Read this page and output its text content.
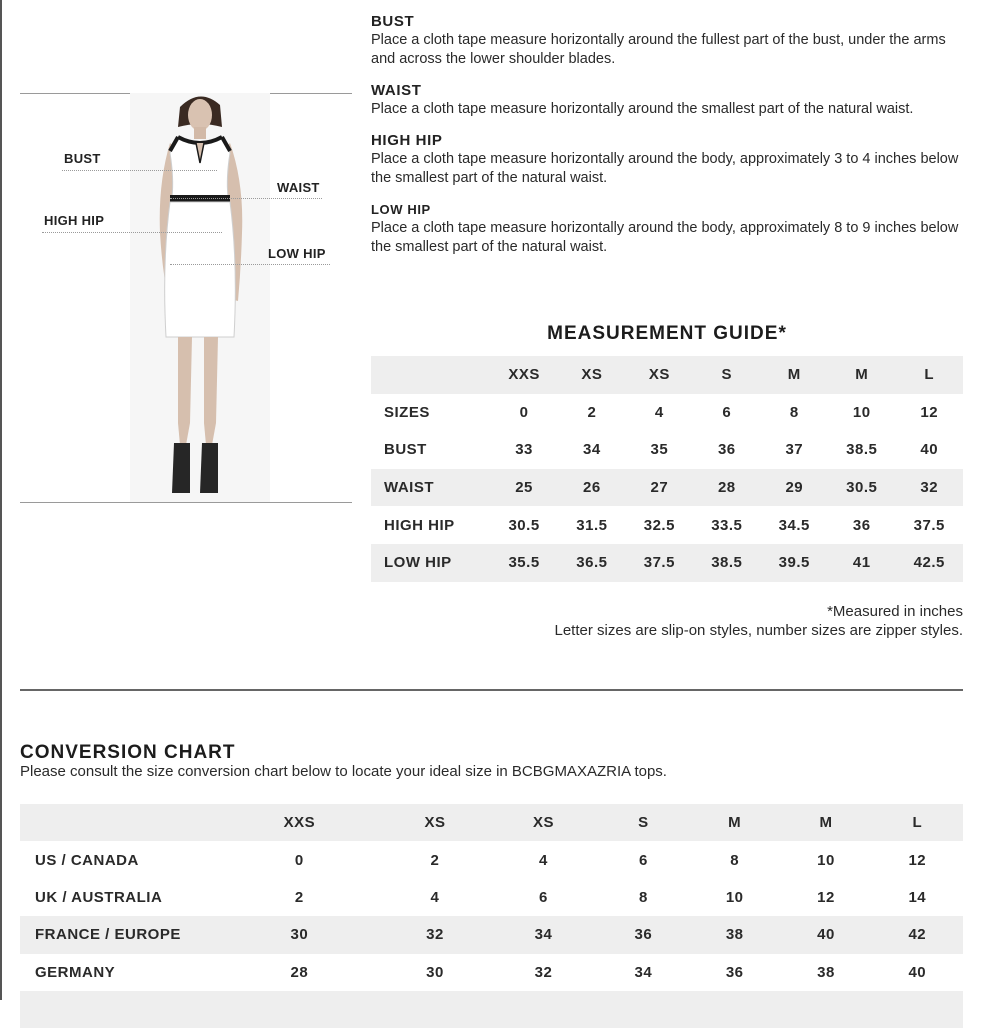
BUST
WAIST
HIGH HIP
LOW HIP
BUST
Place a cloth tape measure horizontally around the fullest part of the bust, under the arms and across the lower shoulder blades.
WAIST
Place a cloth tape measure horizontally around the smallest part of the natural waist.
HIGH HIP
Place a cloth tape measure horizontally around the body, approximately 3 to 4 inches below the smallest part of the natural waist.
LOW HIP
Place a cloth tape measure horizontally around the body, approximately 8 to 9 inches below the smallest part of the natural waist.
MEASUREMENT GUIDE*
	XXS	XS	XS	S	M	M	L
SIZES	0	2	4	6	8	10	12
BUST	33	34	35	36	37	38.5	40
WAIST	25	26	27	28	29	30.5	32
HIGH HIP	30.5	31.5	32.5	33.5	34.5	36	37.5
LOW HIP	35.5	36.5	37.5	38.5	39.5	41	42.5
*Measured in inches
Letter sizes are slip-on styles, number sizes are zipper styles.
CONVERSION CHART
Please consult the size conversion chart below to locate your ideal size in BCBGMAXAZRIA tops.
	XXS	XS	XS	S	M	M	L
US / CANADA	0	2	4	6	8	10	12
UK / AUSTRALIA	2	4	6	8	10	12	14
FRANCE / EUROPE	30	32	34	36	38	40	42
GERMANY	28	30	32	34	36	38	40
